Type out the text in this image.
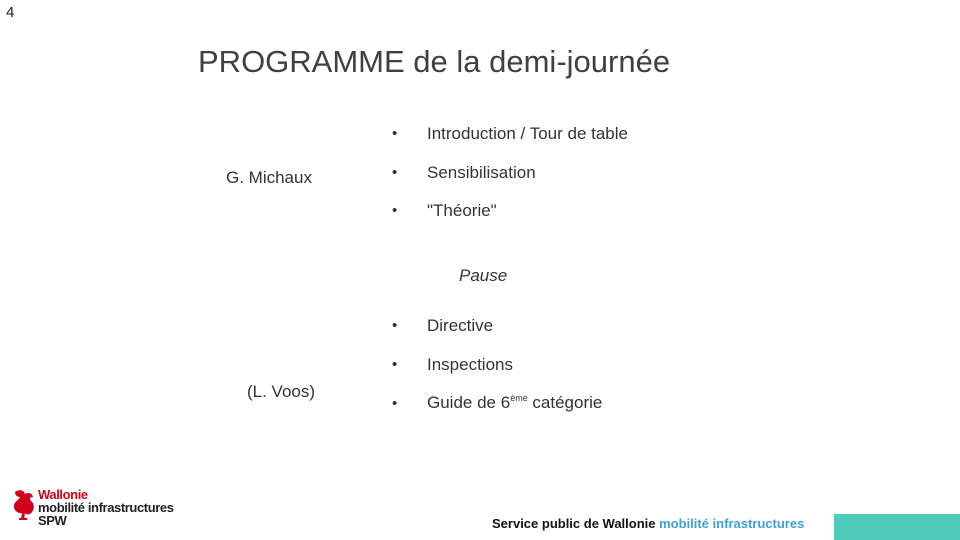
4
PROGRAMME de la demi-journée
G. Michaux
• Introduction / Tour de table
• Sensibilisation
• "Théorie"
Pause
• Directive
• Inspections
(L. Voos)
• Guide de 6ème catégorie
Wallonie
mobilité infrastructures
SPW	Service public de Wallonie mobilité infrastructures
